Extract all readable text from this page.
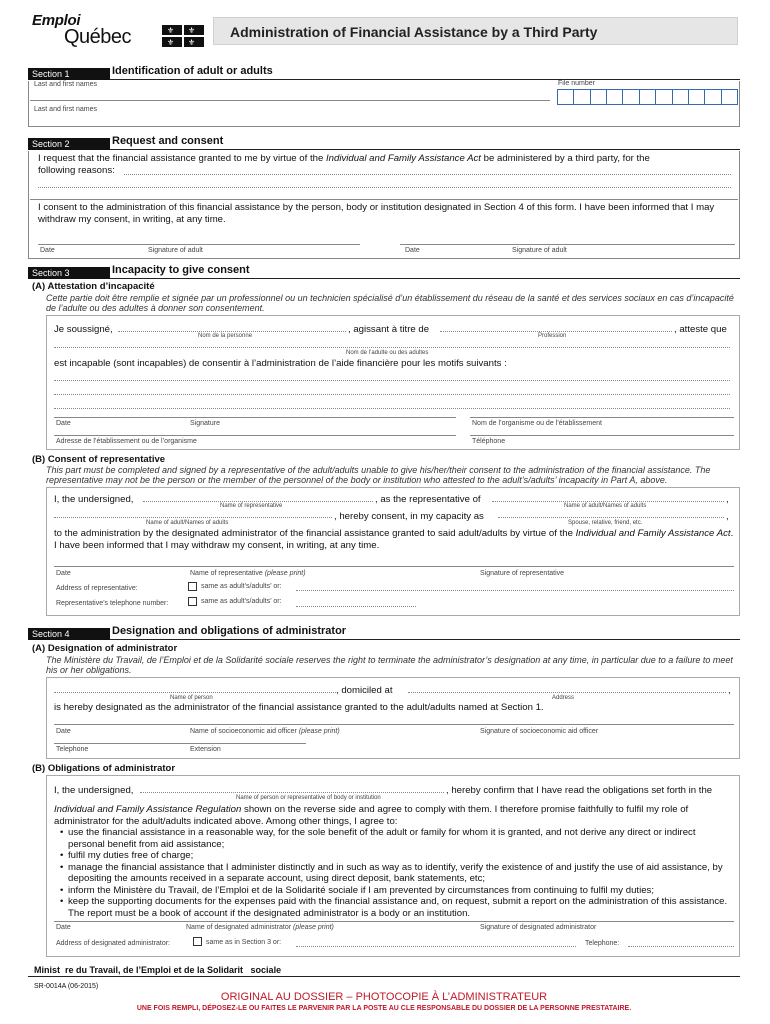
Emploi
Québec	⚜ ⚜
⚜ ⚜
Administration of Financial Assistance by a Third Party
Section 1	Identification of adult or adults
Last and first names	File number
Last and first names
Section 2	Request and consent
I request that the financial assistance granted to me by virtue of the Individual and Family Assistance Act be administered by a third party, for the
following reasons:
I consent to the administration of this financial assistance by the person, body or institution designated in Section 4 of this form. I have been informed that I may withdraw my consent, in writing, at any time.
Date	Signature of adult	Date	Signature of adult
Section 3	Incapacity to give consent
(A) Attestation d’incapacité
Cette partie doit être remplie et signée par un professionnel ou un technicien spécialisé d’un établissement du réseau de la santé et des services sociaux en cas d’incapacité de l’adulte ou des adultes à donner son consentement.
Je soussigné,	, agissant à titre de	, atteste que
Nom de la personne	Profession
Nom de l’adulte ou des adultes
est incapable (sont incapables) de consentir à l’administration de l’aide financière pour les motifs suivants :
Date	Signature	Nom de l’organisme ou de l’établissement
Adresse de l’établissement ou de l’organisme	Téléphone
(B) Consent of representative
This part must be completed and signed by a representative of the adult/adults unable to give his/her/their consent to the administration of the financial assistance. The representative may not be the person or the member of the personnel of the body or institution who attested to the adult’s/adults’ incapacity in Part A, above.
I, the undersigned,	, as the representative of	,
Name of representative	Name of adult/Names of adults
, hereby consent, in my capacity as	,
Name of adult/Names of adults	Spouse, relative, friend, etc.
to the administration by the designated administrator of the financial assistance granted to said adult/adults by virtue of the Individual and Family Assistance Act. I have been informed that I may withdraw my consent, in writing, at any time.
Date	Name of representative (please print)	Signature of representative
Address of representative:	same as adult’s/adults’ or:
Representative’s telephone number:	same as adult’s/adults’ or:
Section 4	Designation and obligations of administrator
(A) Designation of administrator
The Ministère du Travail, de l’Emploi et de la Solidarité sociale reserves the right to terminate the administrator’s designation at any time, in particular due to a failure to meet his or her obligations.
, domiciled at	,
Name of person	Address
is hereby designated as the administrator of the financial assistance granted to the adult/adults named at Section 1.
Date	Name of socioeconomic aid officer (please print)	Signature of socioeconomic aid officer
Telephone	Extension
(B) Obligations of administrator
I, the undersigned,	, hereby confirm that I have read the obligations set forth in the
Name of person or representative of body or institution
Individual and Family Assistance Regulation shown on the reverse side and agree to comply with them. I therefore promise faithfully to fulfil my role of administrator for the adult/adults indicated above. Among other things, I agree to:
• use the financial assistance in a reasonable way, for the sole benefit of the adult or family for whom it is granted, and not derive any direct or indirect personal benefit from aid assistance;
• fulfil my duties free of charge;
• manage the financial assistance that I administer distinctly and in such as way as to identify, verify the existence of and justify the use of aid assistance, by depositing the amounts received in a separate account, using direct deposit, bank statements, etc;
• inform the Ministère du Travail, de l’Emploi et de la Solidarité sociale if I am prevented by circumstances from continuing to fulfil my duties;
• keep the supporting documents for the expenses paid with the financial assistance and, on request, submit a report on the administration of this assistance. The report must be a book of account if the designated administrator is a body or an institution.
Date	Name of designated administrator (please print)	Signature of designated administrator
Address of designated administrator:	same as in Section 3 or:	Telephone:
Minist  re du Travail, de l’Emploi et de la Solidarit   sociale
SR-0014A (06-2015)
ORIGINAL AU DOSSIER – PHOTOCOPIE À L’ADMINISTRATEUR
UNE FOIS REMPLI, DÉPOSEZ-LE OU FAITES LE PARVENIR PAR LA POSTE AU CLE RESPONSABLE DU DOSSIER DE LA PERSONNE PRESTATAIRE.
